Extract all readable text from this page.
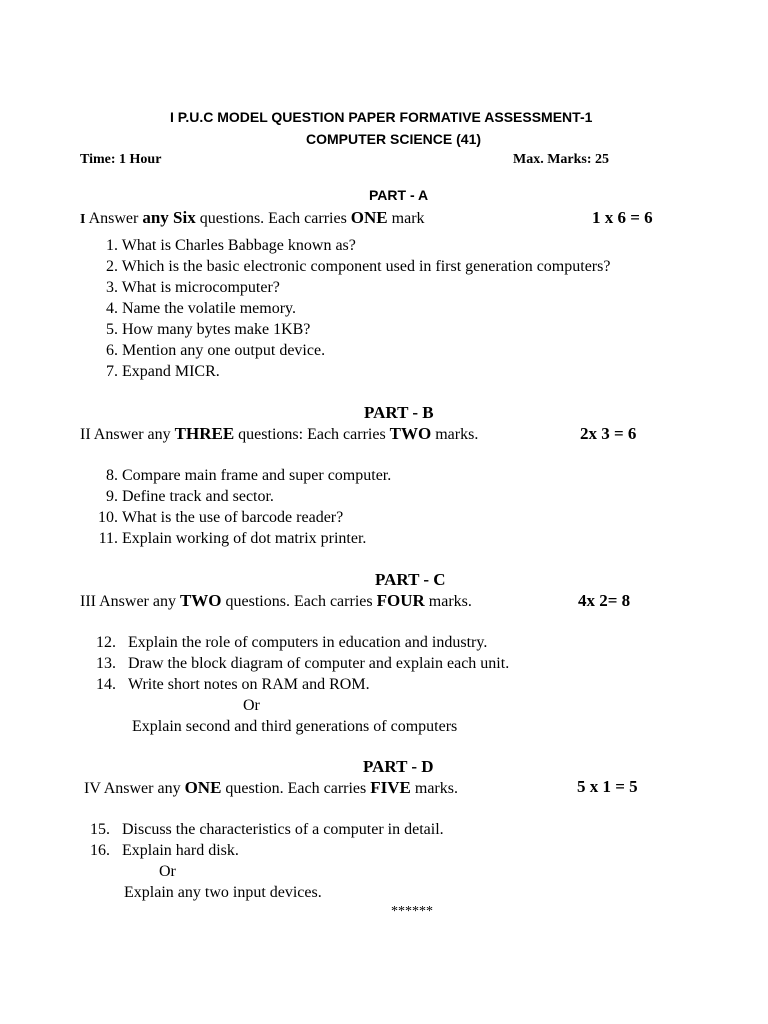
I P.U.C MODEL QUESTION PAPER FORMATIVE ASSESSMENT-1
COMPUTER SCIENCE (41)
Time: 1 Hour	Max. Marks: 25
PART - A
I Answer any Six questions. Each carries ONE mark	1 x 6 = 6
1. What is Charles Babbage known as?
2. Which is the basic electronic component used in first generation computers?
3. What is microcomputer?
4. Name the volatile memory.
5. How many bytes make 1KB?
6. Mention any one output device.
7. Expand MICR.
PART - B
II Answer any THREE questions: Each carries TWO marks.	2x 3 = 6
8. Compare main frame and super computer.
9. Define track and sector.
10. What is the use of barcode reader?
11. Explain working of dot matrix printer.
PART - C
III Answer any TWO questions. Each carries FOUR marks.	4x 2= 8
12. Explain the role of computers in education and industry.
13. Draw the block diagram of computer and explain each unit.
14. Write short notes on RAM and ROM.
Or
Explain second and third generations of computers
PART - D
IV Answer any ONE question. Each carries FIVE marks.	5 x 1 = 5
15. Discuss the characteristics of a computer in detail.
16. Explain hard disk.
Or
Explain any two input devices.
******
